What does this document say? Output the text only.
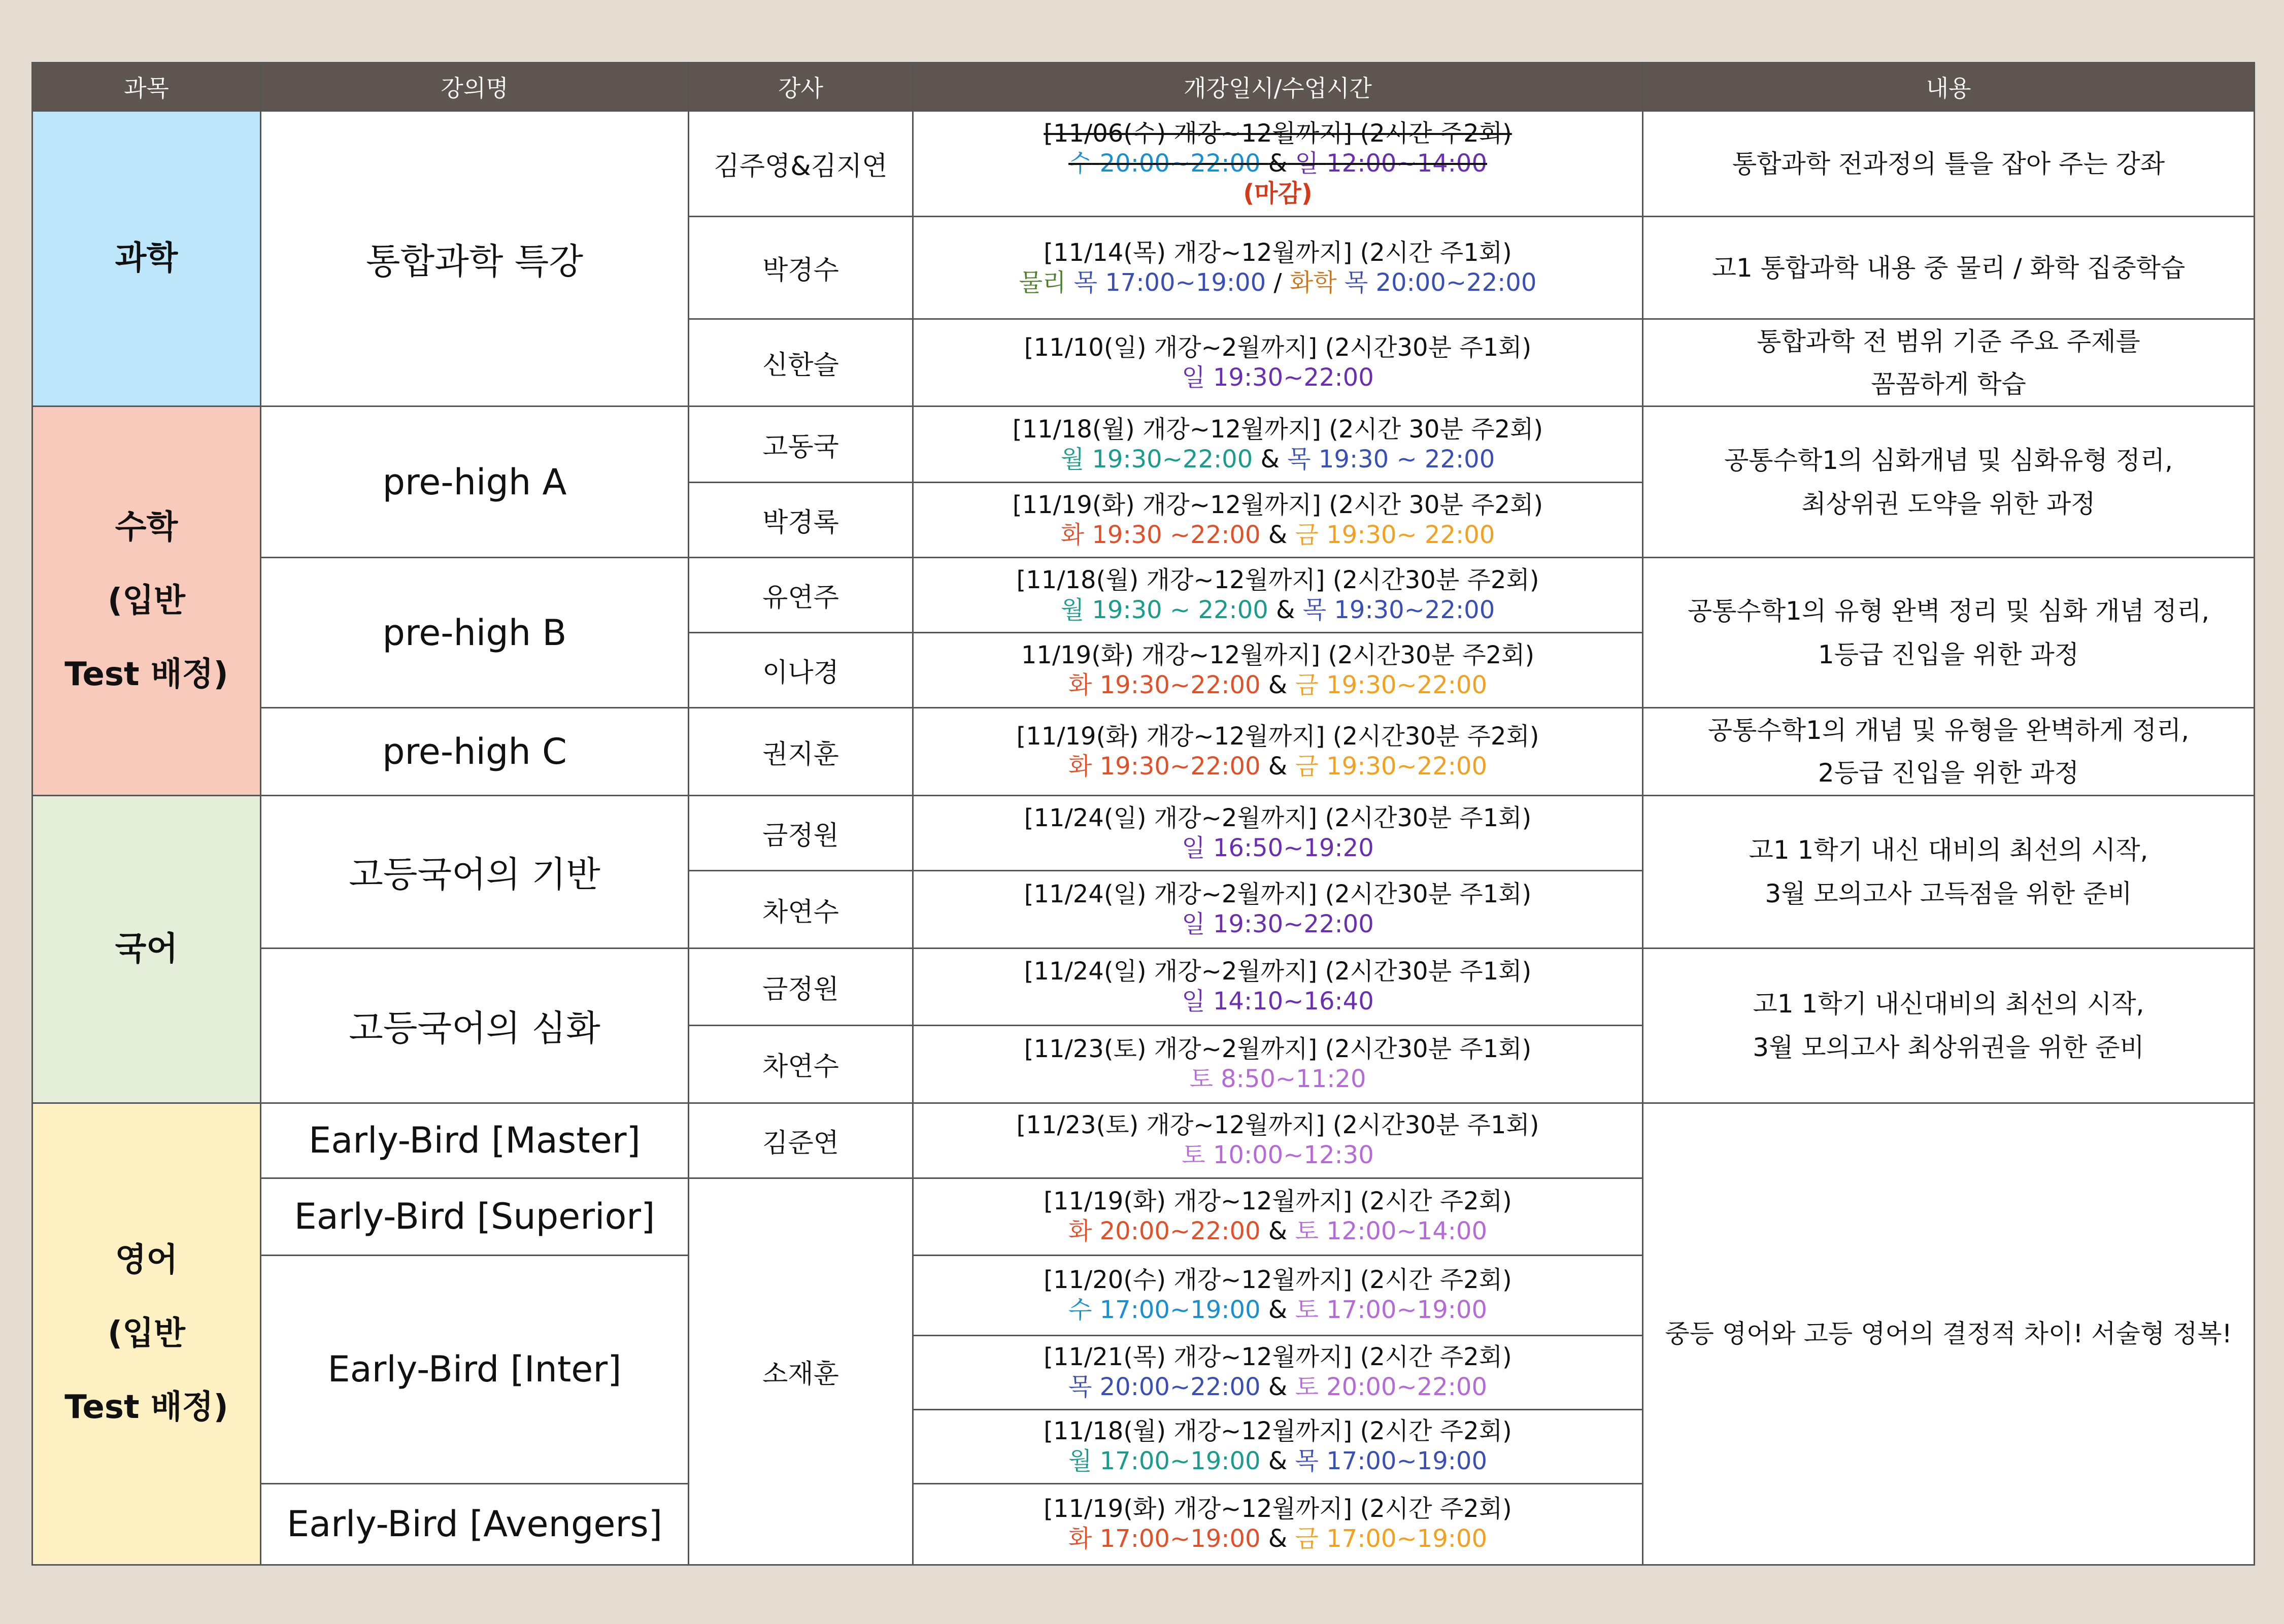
과목	강의명	강사	개강일시/수업시간	내용
과학	통합과학 특강	김주영&김지연	[11/06(수) 개강~12월까지] (2시간 주2회)
수 20:00~22:00 & 일 12:00~14:00
(마감)	통합과학 전과정의 틀을 잡아 주는 강좌
		박경수	[11/14(목) 개강~12월까지] (2시간 주1회)
물리 목 17:00~19:00 / 화학 목 20:00~22:00	고1 통합과학 내용 중 물리 / 화학 집중학습
		신한슬	[11/10(일) 개강~2월까지] (2시간30분 주1회)
일 19:30~22:00	통합과학 전 범위 기준 주요 주제를
꼼꼼하게 학습

수학
(입반
Test 배정)	pre-high A	고동국	[11/18(월) 개강~12월까지] (2시간 30분 주2회)
월 19:30~22:00 & 목 19:30 ~ 22:00	공통수학1의 심화개념 및 심화유형 정리,
최상위권 도약을 위한 과정

		박경록	[11/19(화) 개강~12월까지] (2시간 30분 주2회)
화 19:30 ~22:00 & 금 19:30~ 22:00	

	pre-high B	유연주	[11/18(월) 개강~12월까지] (2시간30분 주2회)
월 19:30 ~ 22:00 & 목 19:30~22:00	공통수학1의 유형 완벽 정리 및 심화 개념 정리,
1등급 진입을 위한 과정

		이나경	11/19(화) 개강~12월까지] (2시간30분 주2회)
화 19:30~22:00 & 금 19:30~22:00	

	pre-high C	권지훈	[11/19(화) 개강~12월까지] (2시간30분 주2회)
화 19:30~22:00 & 금 19:30~22:00	공통수학1의 개념 및 유형을 완벽하게 정리,
2등급 진입을 위한 과정

국어	고등국어의 기반	금정원	[11/24(일) 개강~2월까지] (2시간30분 주1회)
일 16:50~19:20	고1 1학기 내신 대비의 최선의 시작,
3월 모의고사 고득점을 위한 준비

		차연수	[11/24(일) 개강~2월까지] (2시간30분 주1회)
일 19:30~22:00	

	고등국어의 심화	금정원	[11/24(일) 개강~2월까지] (2시간30분 주1회)
일 14:10~16:40	고1 1학기 내신대비의 최선의 시작,
3월 모의고사 최상위권을 위한 준비

		차연수	[11/23(토) 개강~2월까지] (2시간30분 주1회)
토 8:50~11:20	

영어
(입반
Test 배정)	Early-Bird [Master]	김준연	[11/23(토) 개강~12월까지] (2시간30분 주1회)
토 10:00~12:30	중등 영어와 고등 영어의 결정적 차이! 서술형 정복!
	Early-Bird [Superior]	소재훈	[11/19(화) 개강~12월까지] (2시간 주2회)
화 20:00~22:00 & 토 12:00~14:00	

	Early-Bird [Inter]		[11/20(수) 개강~12월까지] (2시간 주2회)
수 17:00~19:00 & 토 17:00~19:00	

			[11/21(목) 개강~12월까지] (2시간 주2회)
목 20:00~22:00 & 토 20:00~22:00	

			[11/18(월) 개강~12월까지] (2시간 주2회)
월 17:00~19:00 & 목 17:00~19:00	

	Early-Bird [Avengers]		[11/19(화) 개강~12월까지] (2시간 주2회)
화 17:00~19:00 & 금 17:00~19:00	
